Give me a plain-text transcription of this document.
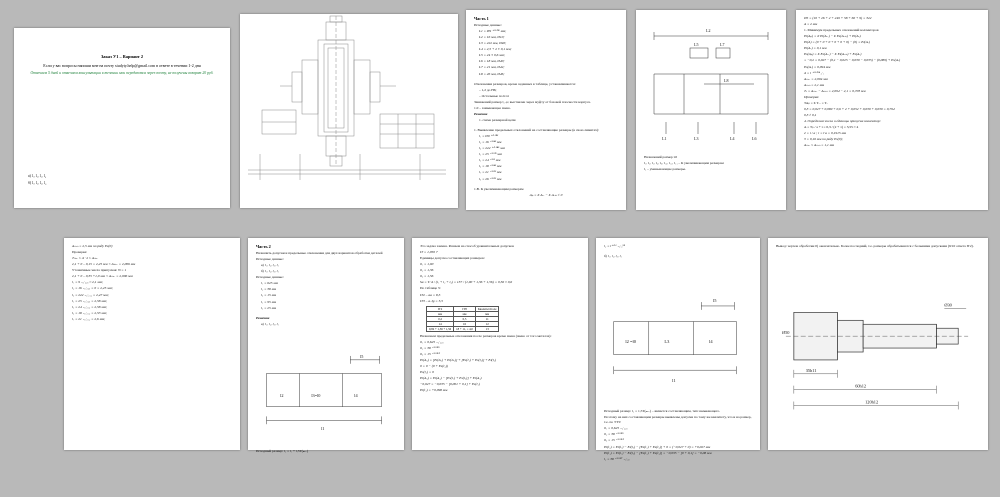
Заказ У1 – Вариант 2
Если у вас вопросы напиши мне на почту studyty.help@gmail.com в ответе в течении 1-2 дня
Отвечаем 5 дней и отвечаем консультации в течении мои передаются через почту, не получены возврат 20 руб.
а) l₁, l₂, l₃, l₄
б) l₁, l₂, l₃, l₄
Часть 1
Исходные данные:
L1 = Ø9 ⁺⁰·⁰³⁶ мм;
L2 = 16 мм, Ø10;
L3 = 222 мм, Ø40;
L4 = 2,5 + 2 ± 0,1 мм;
L5 = 24 ± 0,6 мм;
L6 = 18 мм, Ø40;
L7 = 21 мм, Ø42;
L8 = 26 мм, Ø46;
Отклонения размеров, кроме заданных в таблице, устанавливаются:
– 1,2 до Н6;
– Остальные по h14
Занижений размер l₂ₓ₍ₚ₎ выставлен через муфту от базовой плоскости корпуса.
1.0 – замыкающее звено.
Решение
1. схема размерной цепи
1. Выявление предельных отклонений на составляющие размеры (в свою лимитах):
l₁ = Ø9 ⁺⁰·⁰³⁶
l₂ = 16 ⁺⁰·⁴³ мм
l₃ = 222 ⁺⁰·⁰⁴⁶ мм
l₄ = 25 ⁺⁰·⁰⁵ мм
l₅ = 24 ⁺⁰·⁶ мм
l₆ = 18 ⁺⁰·⁴³ мм
l₇ = 21 ⁺⁰·⁵² мм
l₈ = 26 ⁺⁰·⁵² мм
1.В. К увеличивающим размерам
Aₚ = Σ Aᵤᵥ − Σ Aᵤₘ ≠ 0
L2
L5	L7
L8
L1	L3	L4	L6
Назначений размер l.0
l₁, l₂, l₄, l₆, l₈, l₁₀, l₁₂, l₁₄ – К увеличивающим размерам
l₃ – уменьшающие размеры.
Ø5 = (10 + 26 + 2 + 249 + 58 + 60 + 9) = 322
A = 2 мм
1. Минимум предельных отклонений коллекторов
Ei(Aₚ) = Σ Ei(Aᵤᵥ) − Σ Es(Aᵤₘ) + Ei(Aᵤ)
Ei(Δ) = (0 + 0 + 0 + 0 + 0 + 0) − (0) = Ei(Aᵤ)
Ei(Aᵤ) = 0,1 мм
Es(Aₚ) = Σ Es(Aᵤᵥ) − Σ Ei(Aᵤₘ) + Es(Aᵤ)
= −0,2 = 0,027 − (0,1 − 0,025 − 0,039 − 0,035) − (0,089) + Es(Aᵤ)
Es(Aᵤ) = 0,094 мм
Δ = l ⁺⁰·⁰⁹⁴ ₀·₁
Aₘₐₓ = 2,094 мм
Aₘᵢₙ = 2,1 мм
Tₐ = Aₘₐₓ − Aₘᵢₙ = 2,094 − 2,1 = 0,703 мм
Проверка:
TAₚ = Σ Tᵤᵥ = Tᵤ
0,3 = 0,027 + 0,089 + 0,6 + 2 + 0,052 + 0,039 + 0,039 = 0,794
0,3 ≠ 0,1
4. Определим числа и единицы припуска коллектор:
A = Tₚ / a + i = 0,3 / (2 + 1) = 3,55 ≈ 4
2 = i / a ; i = i·a = 0,1915 мм
3 = 0,16 мм по ряду Es(0);
Aₘₐₓ ≤ Aₘᵢₙ = 1,1 мм
Aₘᵢₙ = 2,5 мм по ряду Es(0)
Проверка:
Tₘₐₓ ≤ Δ · 2 ≤ Aₘₐₓ
2,1 + 0 – 0,15 = 2,25 мм < Aₘₐₓ = 2,006 мм
Уточнённые числа припусков: N = 1
2,1 + 0 – 0,35 +1,0 мм < Aₘₐₓ = 2,006 мм
l₁ = 9 ₋₀·₀₀₈ ≈ 2,1 мм;
l₂ = 16 ₋₀·₀₀₈ = 0 = 2,25 мм;
l₃ = 222 ₋₀·₀₁₂ = 2,47 мм;
l₄ = 25 ₋₀·₀₀₈ = 2,58 мм;
l₅ = 24 ₋₀·₀₁₀ = 2,58 мм;
l₆ = 18 ₋₀·₀₁₀ = 2,53 мм;
l₇ = 21 ₋₀·₀₁₂ = 2,6 мм;
Часть 2
Назначить допуски и предельные отклонения для двух вариантов обработки деталей
Исходные данные:
а) l₁, l₂, l₃, l₄
б) l₁, l₂, l₃, l₄
Исходные данные:
l₁ = 625 мм
l₂ = 38 мм
l₃ = 15 мм
l₄ = 95 мм
l₅ = 25 мм
Решение
а) l₁, l₂, l₃, l₄
l5
l2	l3=l0	l4
l1
Исходный размер: l₂ = l₁ + l,5T(ₘₐₓ)
Это задача замена. Решаем на способ уравнительных допусков
IT = 1,050 7
Единицы допуска составляющих размеров:
il₁ = 1,90
il₂ = 1,36
il₃ = 1,56
Sa = Tᵢ·Δ / (i₁ + i₂ + i₃) = 137 / (1,90 + 1,36 + 1,56) = 0,56 ≈ 0,6
По таблице 3:
IT2 – аа = 8,5
IT3 – aᵢ Ig = 5,5
IT2	IT8	Квалитет/поле
мм	мм	мм
0,2	0,5	11
14	16	12
0,82 + 1,36 + 1,56	18 + 11, = 4,0	13
Назначаем предельные отклонения после размеров кроме звена (звено от того металла):
il₁ = 0,625 ₋₀·₀₀₈
il₂ = 38 ⁺⁰·⁰³⁹
il₃ = 15 ⁺⁰·⁰³⁰
Ei(A₃) = [Ei(A₂) + Ei(A₁)] + [Es(l₁) + Es(l₃)] + Ei(l₂)
0 = 0 − (0 + Es(l₂))
Es(l₂) = 0
Ei(A₃) = Ei(A₂) − [Es(l₁) + Es(l₃)] + Ei(A₄)
−0,027 = −0,035 − [0,001 + 0,1] + Es(l₄)
Ei(l₄) = +0,098 мм
l₂ = l⁺⁰·¹ ₋₀·₀⁹⁸
б) l₁, l₂, l₃, l₄
l5
l2 =l0	L3	l4
l1
Исходный размер: l₂ = 1,5T(ₘₐₓ) – является составляющим, тип замыкающего.
Поэтому на них составляющим размеры выявлены допуски по тому же квалитету, что и на размер, т.е. по ТТУ.
il₁ = 0,625 ₋₀·₀₀₈
il₂ = 38 ⁺⁰·⁰³⁹
il₃ = 15 ⁺⁰·⁰³⁰
Ei(l₂) = Ei(l₁) − Ei(l₃) − [Es(l₁) + Es(l₃)] + 0 = (−0,027 + 0) = +0,027 мм
Ei(l₄) = Ei(l₁) − Ei(l₃) − [Es(l₁) + Es(l₃)] = −0,035 − [0 + 0,1] = −0,08 мм
l₂ = 38 ⁺⁰·⁰²⁷ ₋₀·₀₈
Вывод: чертеж обработки 0) окончательно. Более последний, т.е. размеры обрабатываются с большими допусками (9/10 ответа IT2).
Ø50
Ø30
35h11
60h12
120h12
